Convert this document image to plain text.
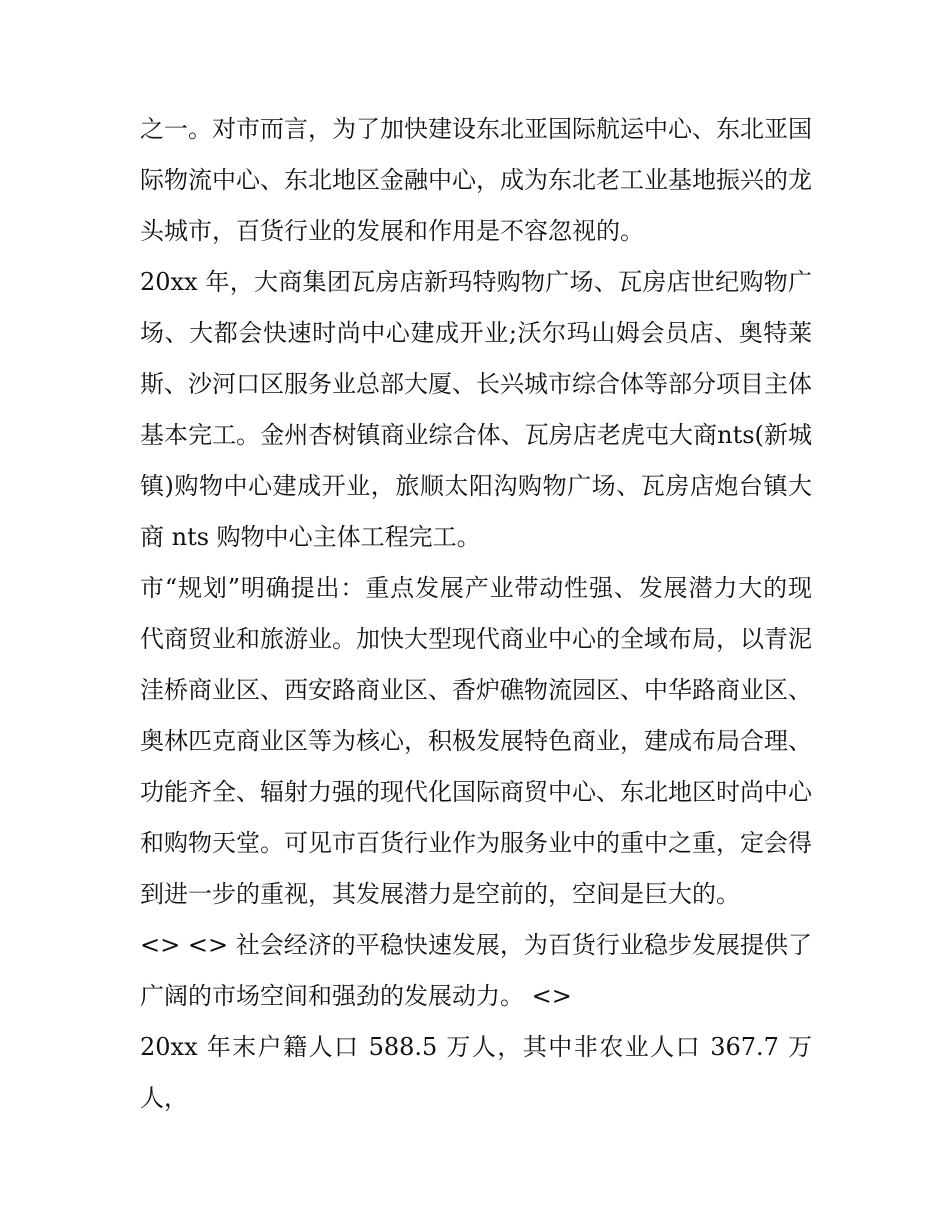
之一。对市而言，为了加快建设东北亚国际航运中心、东北亚国际物流中心、东北地区金融中心，成为东北老工业基地振兴的龙头城市，百货行业的发展和作用是不容忽视的。

20xx 年，大商集团瓦房店新玛特购物广场、瓦房店世纪购物广场、大都会快速时尚中心建成开业;沃尔玛山姆会员店、奥特莱斯、沙河口区服务业总部大厦、长兴城市综合体等部分项目主体基本完工。金州杏树镇商业综合体、瓦房店老虎屯大商nts(新城镇)购物中心建成开业，旅顺太阳沟购物广场、瓦房店炮台镇大商 nts 购物中心主体工程完工。

市“规划”明确提出：重点发展产业带动性强、发展潜力大的现代商贸业和旅游业。加快大型现代商业中心的全域布局，以青泥洼桥商业区、西安路商业区、香炉礁物流园区、中华路商业区、奥林匹克商业区等为核心，积极发展特色商业，建成布局合理、功能齐全、辐射力强的现代化国际商贸中心、东北地区时尚中心和购物天堂。可见市百货行业作为服务业中的重中之重，定会得到进一步的重视，其发展潜力是空前的，空间是巨大的。

<> <> 社会经济的平稳快速发展，为百货行业稳步发展提供了广阔的市场空间和强劲的发展动力。 <>

20xx 年末户籍人口 588.5 万人，其中非农业人口 367.7 万人，
